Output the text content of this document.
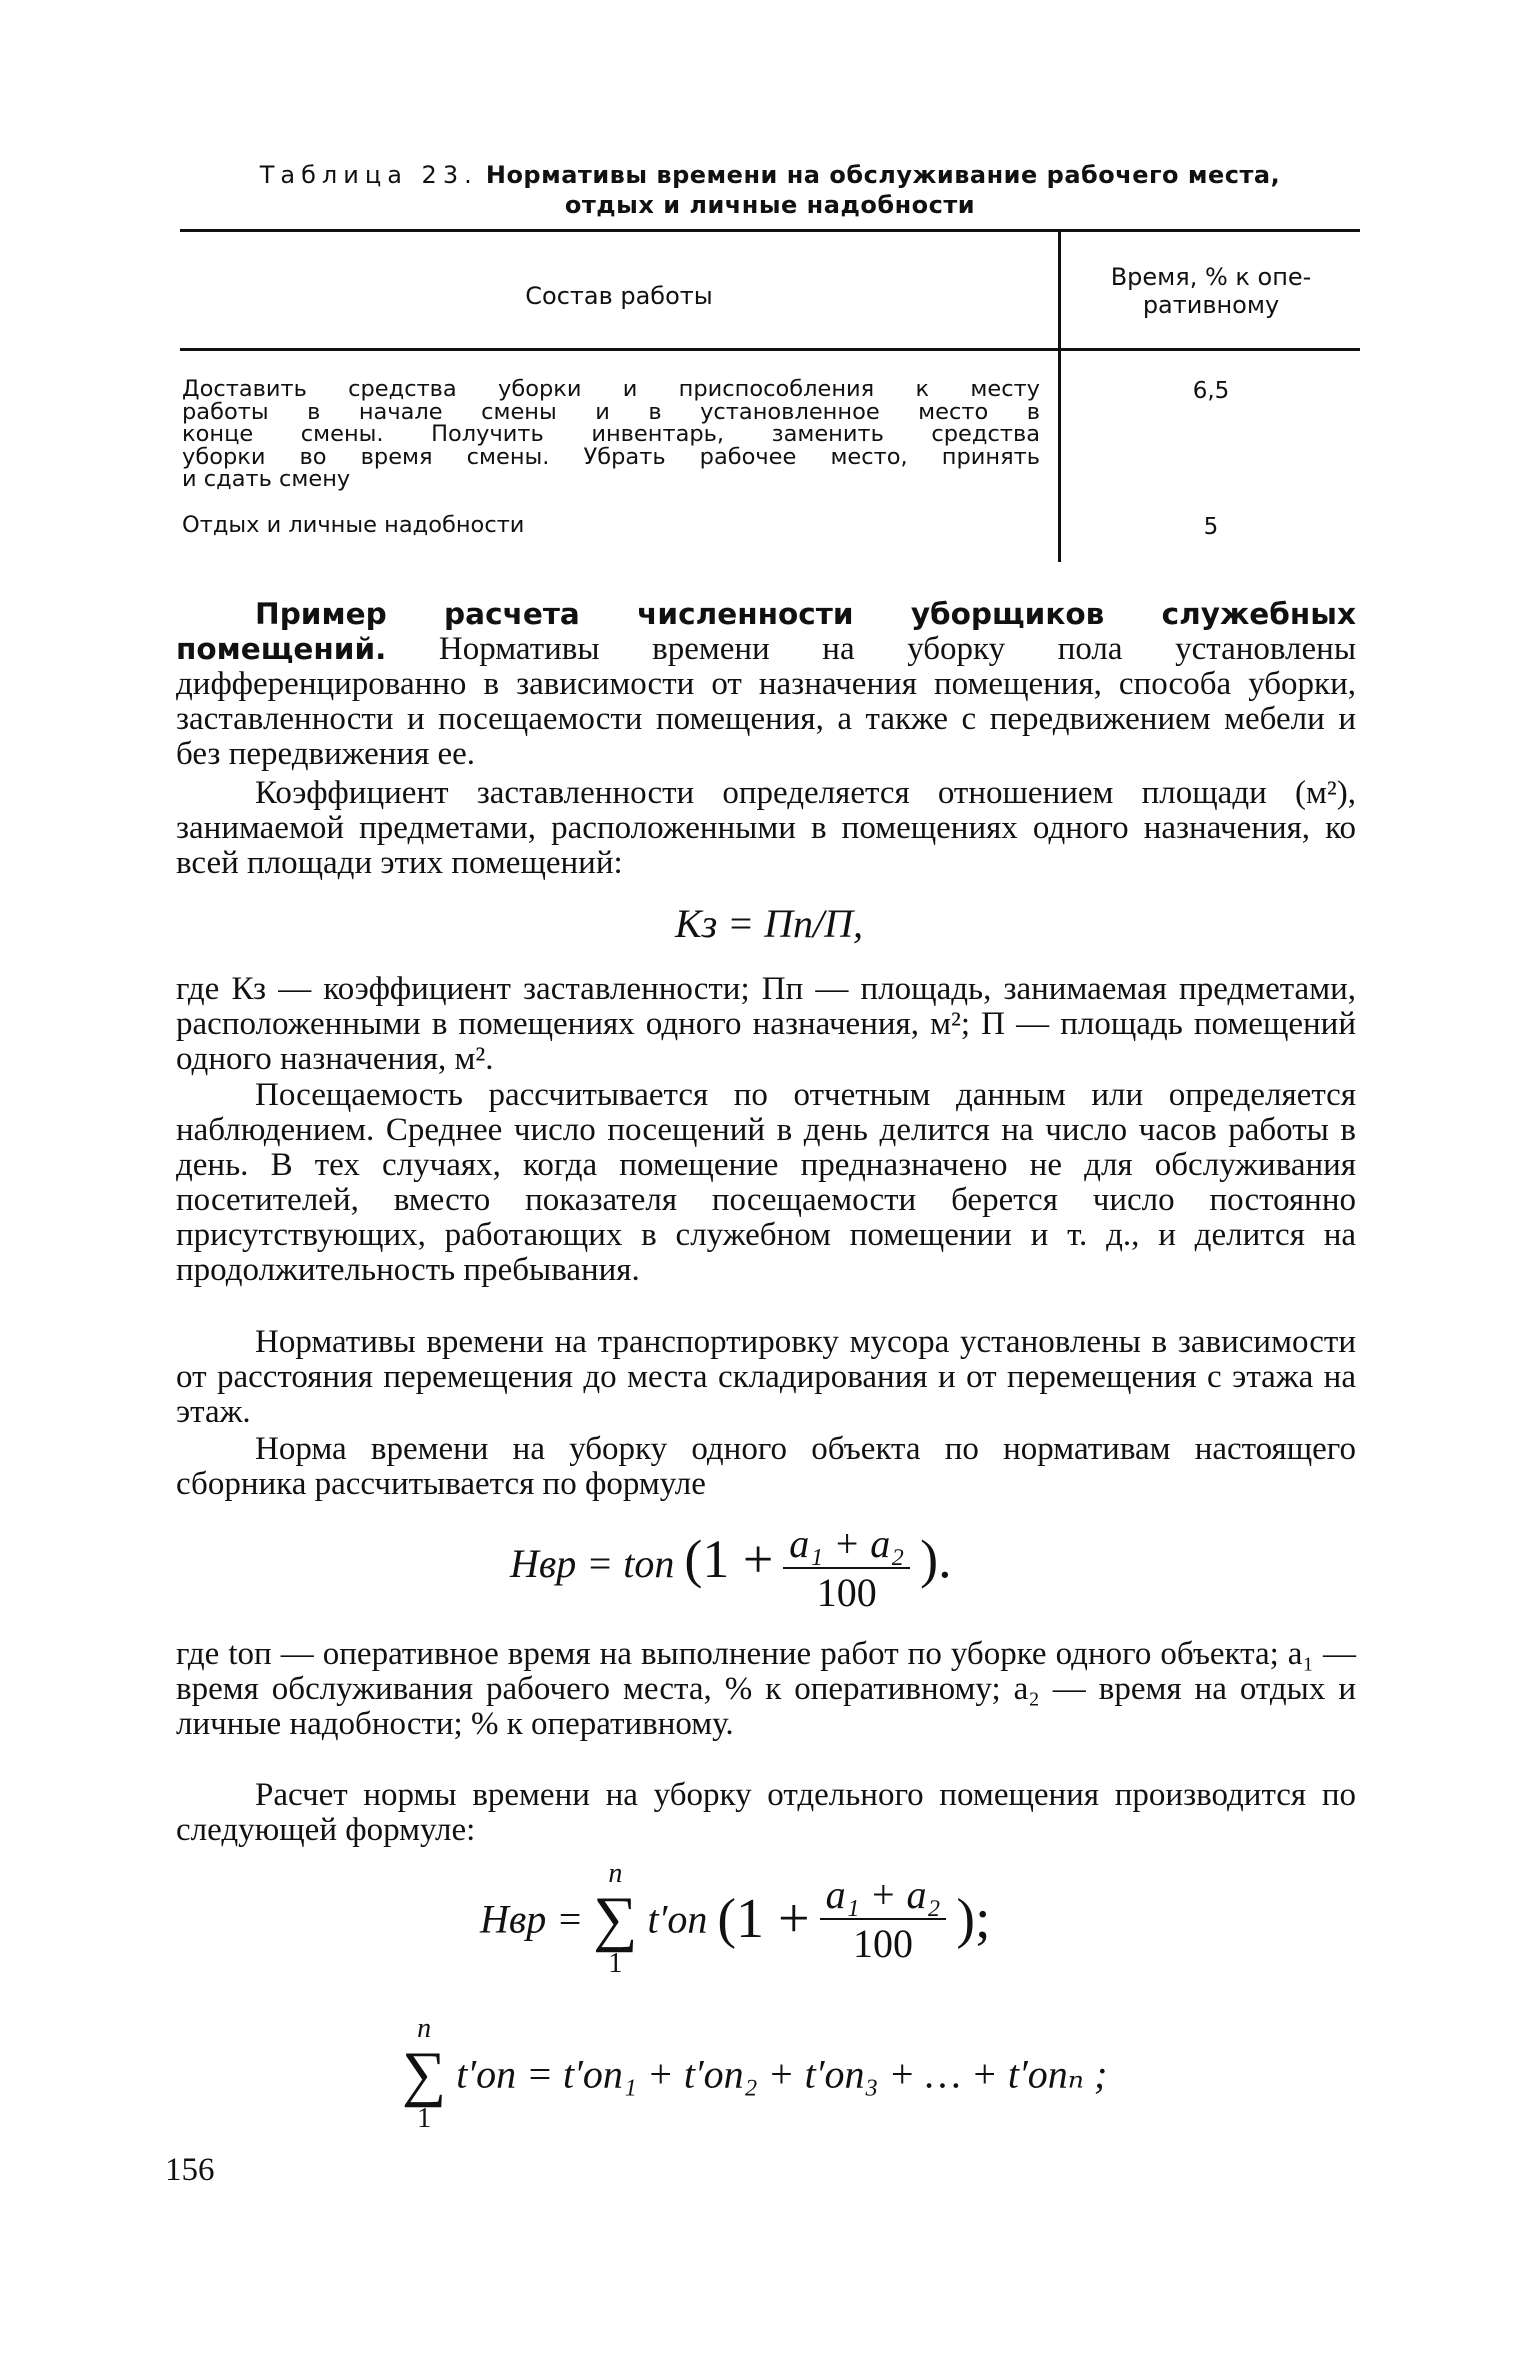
Таблица 23. Нормативы времени на обслуживание рабочего места,
отдых и личные надобности
Состав работы
Время, % к опе-
ративному
Доставить средства уборки и приспособления к месту
работы в начале смены и в установленное место в
конце смены. Получить инвентарь, заменить средства
уборки во время смены. Убрать рабочее место, принять
и сдать смену
6,5
Отдых и личные надобности	5
Пример расчета численности уборщиков служебных помещений. Нормативы времени на уборку пола установлены дифференцированно в зависимости от назначения помещения, способа уборки, заставленности и посещаемости помещения, а также с передвижением мебели и без передвижения ее.
Коэффициент заставленности определяется отношением площади (м²), занимаемой предметами, расположенными в помещениях одного назначения, ко всей площади этих помещений:
Кз = Пп/П,
где Кз — коэффициент заставленности; Пп — площадь, занимаемая предметами, расположенными в помещениях одного назначения, м²; П — площадь помещений одного назначения, м².
Посещаемость рассчитывается по отчетным данным или определяется наблюдением. Среднее число посещений в день делится на число часов работы в день. В тех случаях, когда помещение предназначено не для обслуживания посетителей, вместо показателя посещаемости берется число постоянно присутствующих, работающих в служебном помещении и т. д., и делится на продолжительность пребывания.
Нормативы времени на транспортировку мусора установлены в зависимости от расстояния перемещения до места складирования и от перемещения с этажа на этаж.
Норма времени на уборку одного объекта по нормативам настоящего сборника рассчитывается по формуле
Нвр = tоп ($1 + \frac{\text{a₁ + a₂}}{100}$ ).
где tоп — оперативное время на выполнение работ по уборке одного объекта; a₁ — время обслуживания рабочего места, % к оперативному; a₂ — время на отдых и личные надобности; % к оперативному.
Расчет нормы времени на уборку отдельного помещения производится по следующей формуле:
Нвр =
n
∑
1
t′оп ($1 + \frac{\text{a₁ + a₂}}{100}$ );
n
∑
1
t′оп = t′оп₁ + t′оп₂ + t′оп₃ + … + t′опₙ ;
156
